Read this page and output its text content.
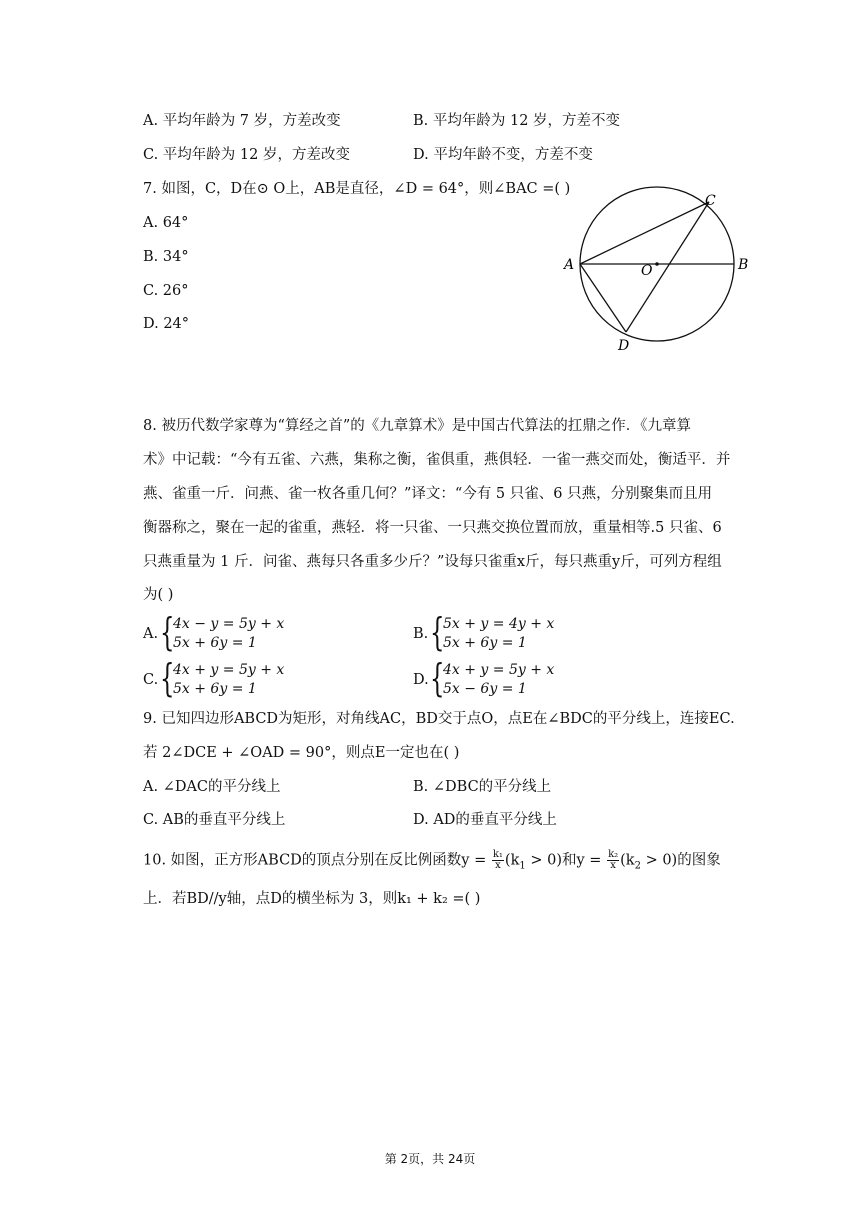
A. 平均年龄为 7 岁，方差改变	B. 平均年龄为 12 岁，方差不变
C. 平均年龄为 12 岁，方差改变	D. 平均年龄不变，方差不变
7. 如图，C，D在⊙ O上，AB是直径，∠D = 64°，则∠BAC =( )
A. 64°
B. 34°
C. 26°
D. 24°
A	B
C
D
O
8. 被历代数学家尊为“算经之首”的《九章算术》是中国古代算法的扛鼎之作．《九章算
术》中记载：“今有五雀、六燕，集称之衡，雀俱重，燕俱轻．一雀一燕交而处，衡适平．并
燕、雀重一斤．问燕、雀一枚各重几何？”译文：“今有 5 只雀、6 只燕，分别聚集而且用
衡器称之，聚在一起的雀重，燕轻．将一只雀、一只燕交换位置而放，重量相等.5 只雀、6
只燕重量为 1 斤．问雀、燕每只各重多少斤？”设每只雀重x斤，每只燕重y斤，可列方程组
为( )
A. {
4x − y = 5y + x
5x + 6y = 1
B. {
5x + y = 4y + x
5x + 6y = 1
C. {
4x + y = 5y + x
5x + 6y = 1
D. {
4x + y = 5y + x
5x − 6y = 1
9. 已知四边形ABCD为矩形，对角线AC，BD交于点O，点E在∠BDC的平分线上，连接EC.
若 2∠DCE + ∠OAD = 90°，则点E一定也在( )
A. ∠DAC的平分线上	B. ∠DBC的平分线上
C. AB的垂直平分线上	D. AD的垂直平分线上
10. 如图，正方形ABCD的顶点分别在反比例函数$y = \frac{\text{k₁}}{x} (k_1 > 0)$和$y = \frac{\text{k₂}}{x} (k_2 > 0)$的图象
上．若BD//y轴，点D的横坐标为 3，则k₁ + k₂ =( )
第 2页，共 24页
